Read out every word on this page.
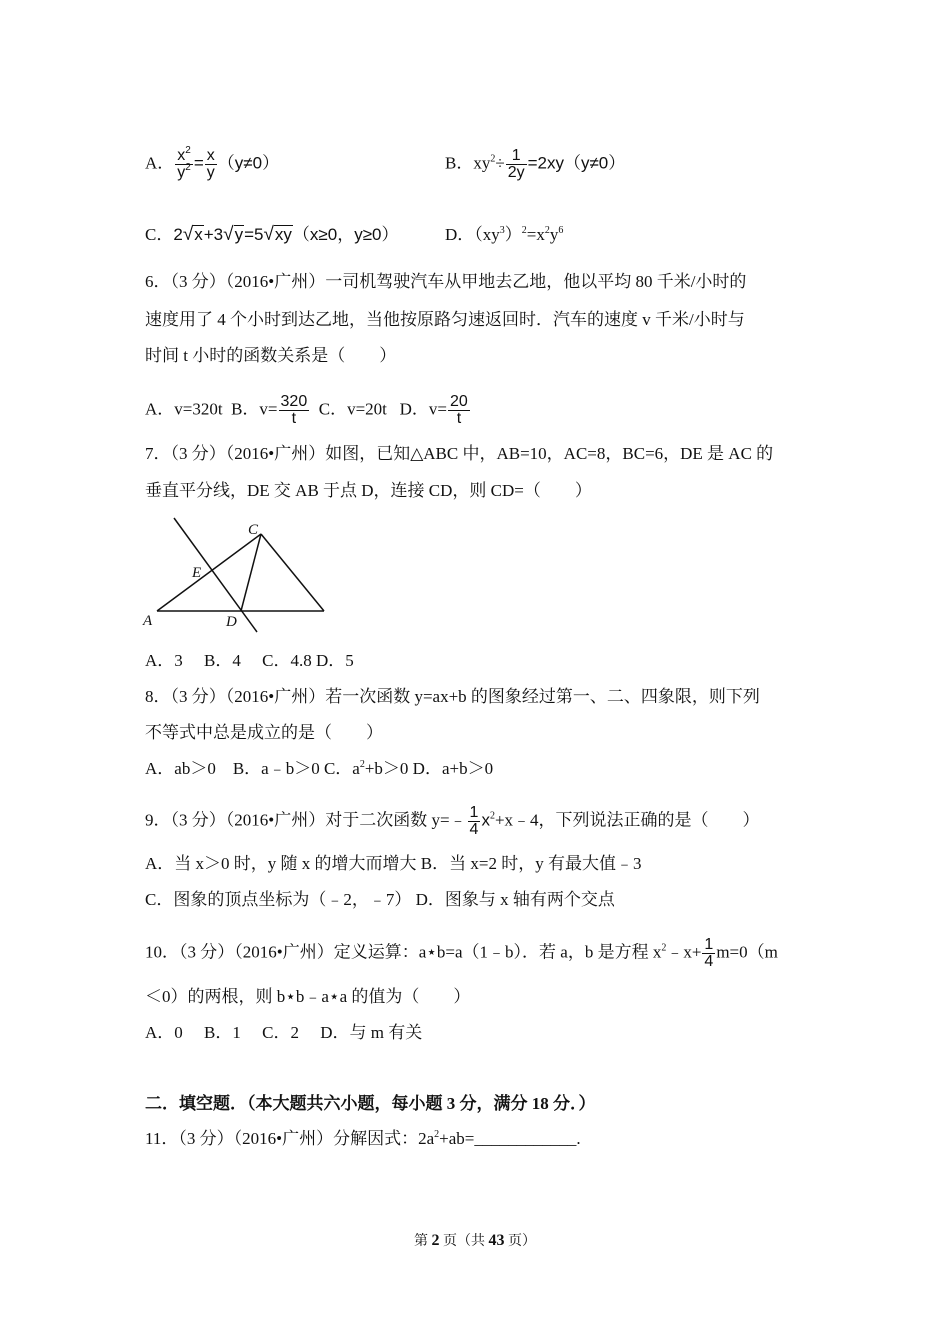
A． $\frac{x^2}{y^2} = \frac{x}{y} (y\ne 0)$	B．$xy^2\div \frac{1}{2y} =2xy(y\ne 0)$
C．2√x+3√y=5√xy（x≥0，y≥0）	D．$(xy^3)^2=x^2y^6$
6．（3 分）（2016•广州）一司机驾驶汽车从甲地去乙地，他以平均 80 千米/小时的
速度用了 4 个小时到达乙地，当他按原路匀速返回时．汽车的速度 v 千米/小时与
时间 t 小时的函数关系是（　　）
A．v=320t B．$v= \frac{320}{t}$ C．v=20t D．$v= \frac{20}{t}$
7．（3 分）（2016•广州）如图，已知△ABC 中，AB=10，AC=8，BC=6，DE 是 AC 的
垂直平分线，DE 交 AB 于点 D，连接 CD，则 CD=（　　）
A
C
D
E
A．3　 B．4　 C．4.8 D．5
8．（3 分）（2016•广州）若一次函数 y=ax+b 的图象经过第一、二、四象限，则下列
不等式中总是成立的是（　　）
A．ab＞0　B．a﹣b＞0 C．$a^2+b>0$ D．a+b＞0
9．（3 分）（2016•广州）对于二次函数 y=﹣ $\frac{1}{4}$ $x^2+x﹣4$，下列说法正确的是（　　）
A．当 x＞0 时，y 随 x 的增大而增大 B．当 x=2 时，y 有最大值﹣3
C．图象的顶点坐标为（﹣2，﹣7） D．图象与 x 轴有两个交点
10．（3 分）（2016•广州）定义运算：a⋆b=a（1﹣b）．若 a，b 是方程 $x^2﹣x+ \frac{1}{4} m=0(m$
＜0）的两根，则 b⋆b﹣a⋆a 的值为（　　）
A．0　 B．1　 C．2　 D．与 m 有关
二．填空题．（本大题共六小题，每小题 3 分，满分 18 分．）
11．（3 分）（2016•广州）分解因式：$2a^2+ab=\_\_\_\_\_\_\_\_\_\_\_\_$.
第 2 页（共 43 页）
